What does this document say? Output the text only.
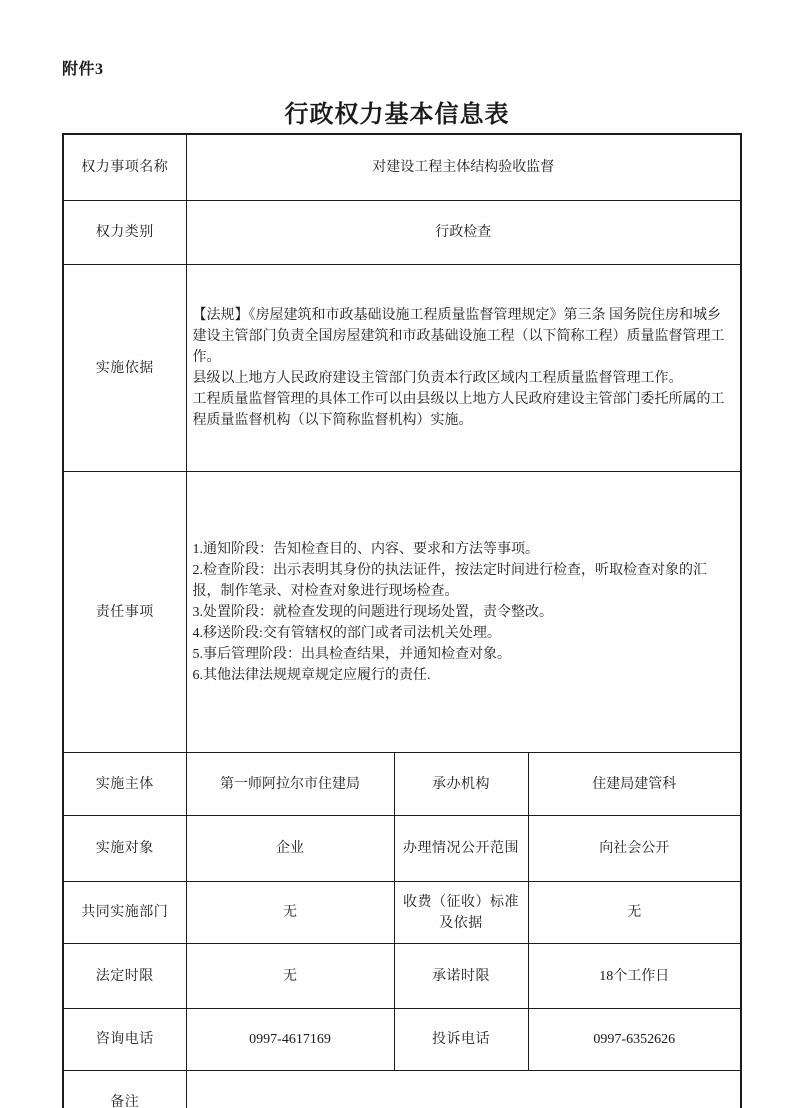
附件3
行政权力基本信息表
权力事项名称	对建设工程主体结构验收监督		
权力类别	行政检查		
实施依据	【法规】《房屋建筑和市政基础设施工程质量监督管理规定》第三条 国务院住房和城乡建设主管部门负责全国房屋建筑和市政基础设施工程（以下简称工程）质量监督管理工作。

县级以上地方人民政府建设主管部门负责本行政区域内工程质量监督管理工作。

工程质量监督管理的具体工作可以由县级以上地方人民政府建设主管部门委托所属的工程质量监督机构（以下简称监督机构）实施。		

责任事项	

1.通知阶段：告知检查目的、内容、要求和方法等事项。

2.检查阶段：出示表明其身份的执法证件，按法定时间进行检查，听取检查对象的汇报，制作笔录、对检查对象进行现场检查。

3.处置阶段：就检查发现的问题进行现场处置，责令整改。

4.移送阶段:交有管辖权的部门或者司法机关处理。

5.事后管理阶段：出具检查结果，并通知检查对象。

6.其他法律法规规章规定应履行的责任.

实施主体	第一师阿拉尔市住建局	承办机构	住建局建管科
实施对象	企业	办理情况公开范围	向社会公开
共同实施部门	无	收费（征收）标准及依据	无
法定时限	无	承诺时限	18个工作日
咨询电话	0997-4617169	投诉电话	0997-6352626
备注			
